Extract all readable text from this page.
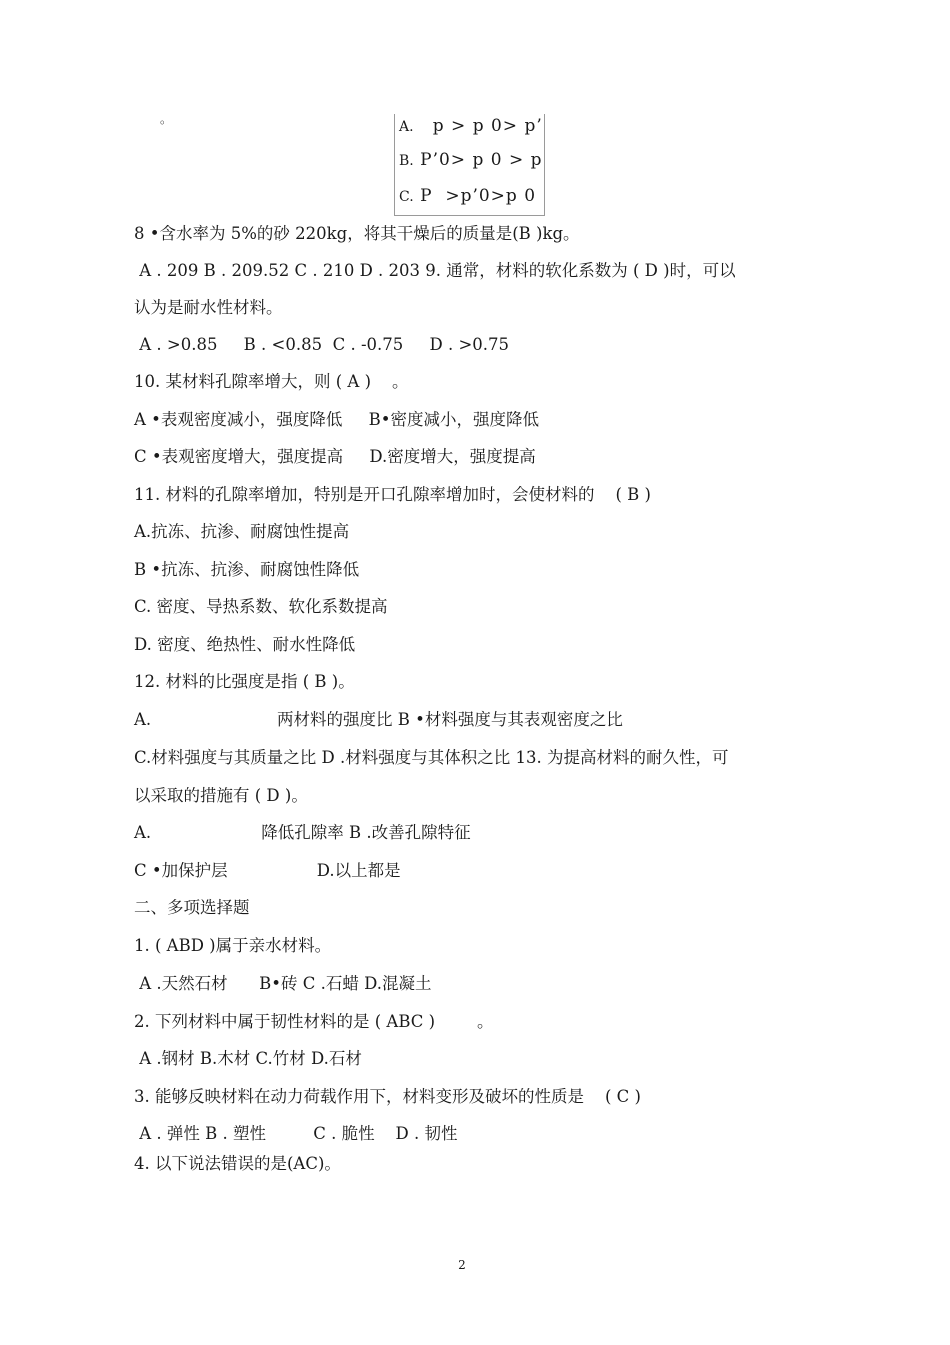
。	A.   p > p 0> p’
B. P’0> p 0 > p
C. P  >p’0>p 0
8 •含水率为 5%的砂 220kg，将其干燥后的质量是(B )kg。
A . 209 B . 209.52 C . 210 D . 203 9. 通常，材料的软化系数为 ( D )时，可以
认为是耐水性材料。
A . >0.85     B . <0.85  C . -0.75     D . >0.75
10. 某材料孔隙率增大，则 ( A )    。
A •表观密度减小，强度降低     B•密度减小，强度降低
C •表观密度增大，强度提高     D.密度增大，强度提高
11. 材料的孔隙率增加，特别是开口孔隙率增加时，会使材料的    ( B )
A.抗冻、抗渗、耐腐蚀性提高
B •抗冻、抗渗、耐腐蚀性降低
C. 密度、导热系数、软化系数提高
D. 密度、绝热性、耐水性降低
12. 材料的比强度是指 ( B )。
A.                        两材料的强度比 B •材料强度与其表观密度之比
C.材料强度与其质量之比 D .材料强度与其体积之比 13. 为提高材料的耐久性，可
以采取的措施有 ( D )。
A.                     降低孔隙率 B .改善孔隙特征
C •加保护层                 D.以上都是
二、多项选择题
1. ( ABD )属于亲水材料。
A .天然石材      B•砖 C .石蜡 D.混凝土
2. 下列材料中属于韧性材料的是 ( ABC )        。
A .钢材 B.木材 C.竹材 D.石材
3. 能够反映材料在动力荷载作用下，材料变形及破坏的性质是    ( C )
A . 弹性 B . 塑性         C . 脆性    D . 韧性
4. 以下说法错误的是(AC)。
2
